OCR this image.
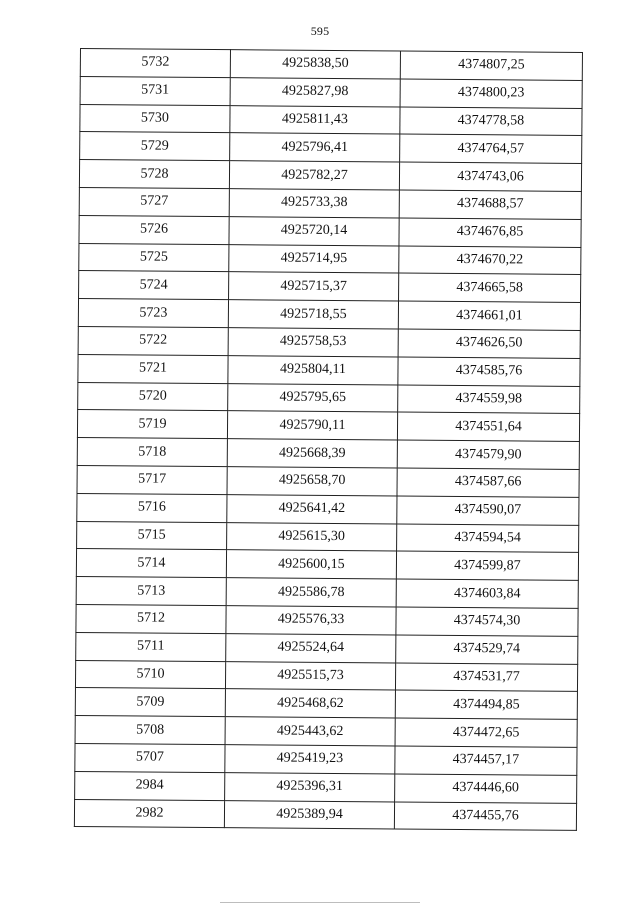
595
5732	4925838,50	4374807,25
5731	4925827,98	4374800,23
5730	4925811,43	4374778,58
5729	4925796,41	4374764,57
5728	4925782,27	4374743,06
5727	4925733,38	4374688,57
5726	4925720,14	4374676,85
5725	4925714,95	4374670,22
5724	4925715,37	4374665,58
5723	4925718,55	4374661,01
5722	4925758,53	4374626,50
5721	4925804,11	4374585,76
5720	4925795,65	4374559,98
5719	4925790,11	4374551,64
5718	4925668,39	4374579,90
5717	4925658,70	4374587,66
5716	4925641,42	4374590,07
5715	4925615,30	4374594,54
5714	4925600,15	4374599,87
5713	4925586,78	4374603,84
5712	4925576,33	4374574,30
5711	4925524,64	4374529,74
5710	4925515,73	4374531,77
5709	4925468,62	4374494,85
5708	4925443,62	4374472,65
5707	4925419,23	4374457,17
2984	4925396,31	4374446,60
2982	4925389,94	4374455,76
